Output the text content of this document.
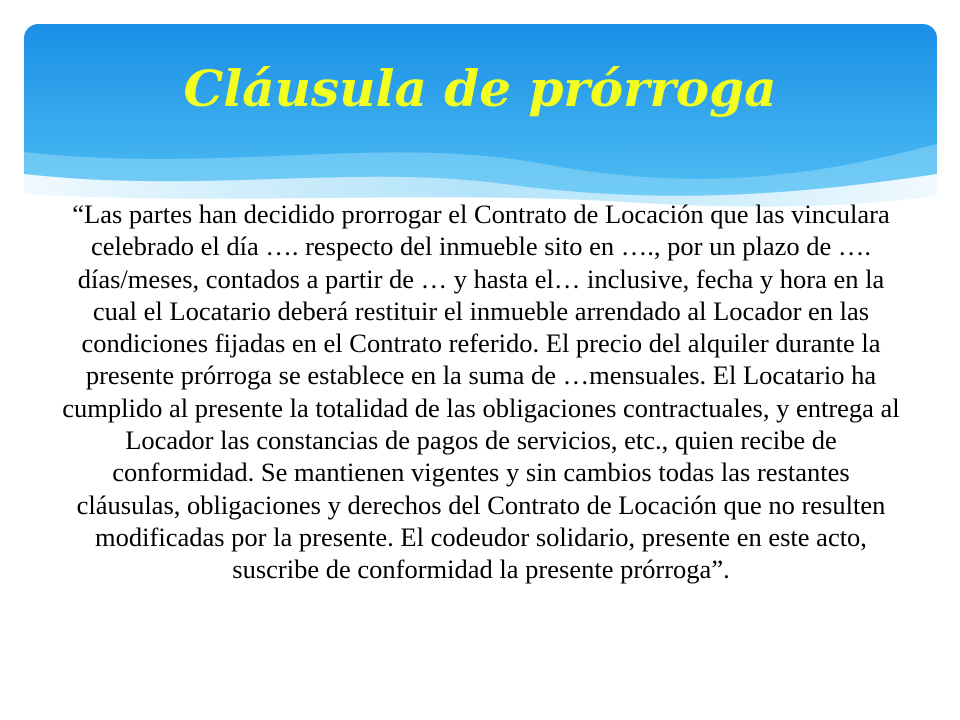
Cláusula de prórroga

“Las partes han decidido prorrogar el Contrato de Locación que las vinculara celebrado el día …. respecto del inmueble sito en …., por un plazo de …. días/meses, contados a partir de … y hasta el… inclusive, fecha y hora en la cual el Locatario deberá restituir el inmueble arrendado al Locador en las condiciones fijadas en el Contrato referido. El precio del alquiler durante la presente prórroga se establece en la suma de …mensuales. El Locatario ha cumplido al presente la totalidad de las obligaciones contractuales, y entrega al Locador las constancias de pagos de servicios, etc., quien recibe de conformidad. Se mantienen vigentes y sin cambios todas las restantes cláusulas, obligaciones y derechos del Contrato de Locación que no resulten modificadas por la presente. El codeudor solidario, presente en este acto, suscribe de conformidad la presente prórroga”.
